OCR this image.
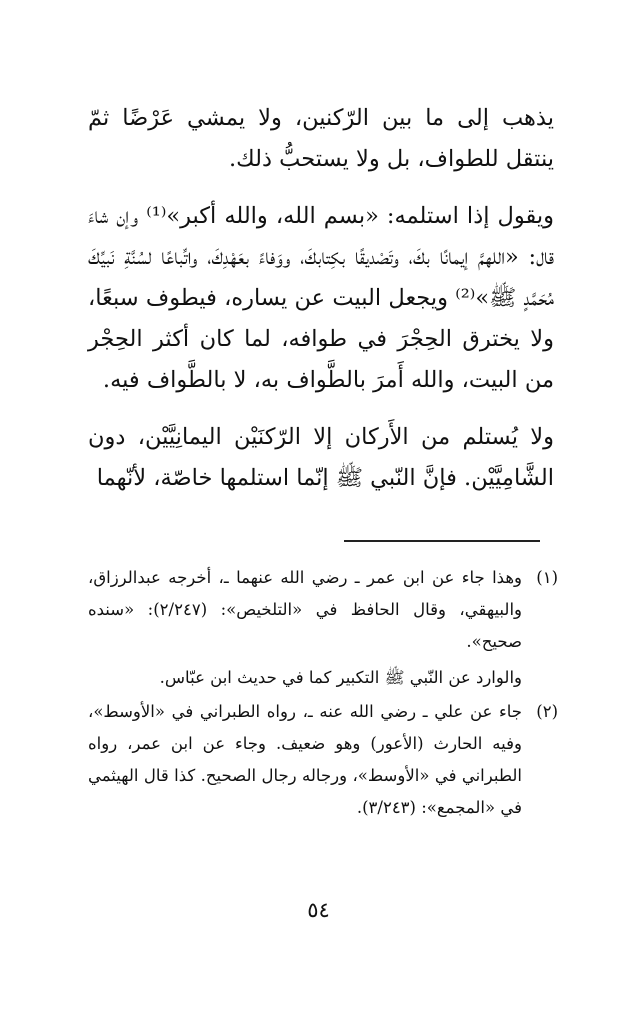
يذهب إلى ما بين الرّكنين، ولا يمشي عَرْضًا ثمّ ينتقل للطواف، بل ولا يستحبُّ ذلك.

ويقول إذا استلمه: «بسم الله، والله أكبر»⁽¹⁾ وإن شاءَ قال: «اللهمَّ إيمانًا بكَ، وتَصْديقًا بكِتابكَ، ووَفاءً بعَهْدِكَ، واتِّباعًا لسُنَّةِ نَبيِّكَ مُحَمَّدٍ ﷺ»⁽²⁾ ويجعل البيت عن يساره، فيطوف سبعًا، ولا يخترق الحِجْرَ في طوافه، لما كان أكثر الحِجْر من البيت، والله أَمرَ بالطَّواف به، لا بالطَّواف فيه.

ولا يُستلم من الأَركان إلا الرّكنَيْن اليمانِيَّيْن، دون الشَّامِيَّيْن. فإنَّ النّبي ﷺ إنّما استلمها خاصّة، لأنّهما

(١)
وهذا جاء عن ابن عمر ـ رضي الله عنهما ـ، أخرجه عبدالرزاق، والبيهقي، وقال الحافظ في «التلخيص»: (٢/٢٤٧): «سنده صحيح».

والوارد عن النّبي ﷺ التكبير كما في حديث ابن عبّاس.

(٢)
جاء عن علي ـ رضي الله عنه ـ، رواه الطبراني في «الأوسط»، وفيه الحارث (الأعور) وهو ضعيف. وجاء عن ابن عمر، رواه الطبراني في «الأوسط»، ورجاله رجال الصحيح. كذا قال الهيثمي في «المجمع»: (٣/٢٤٣).
٥٤
